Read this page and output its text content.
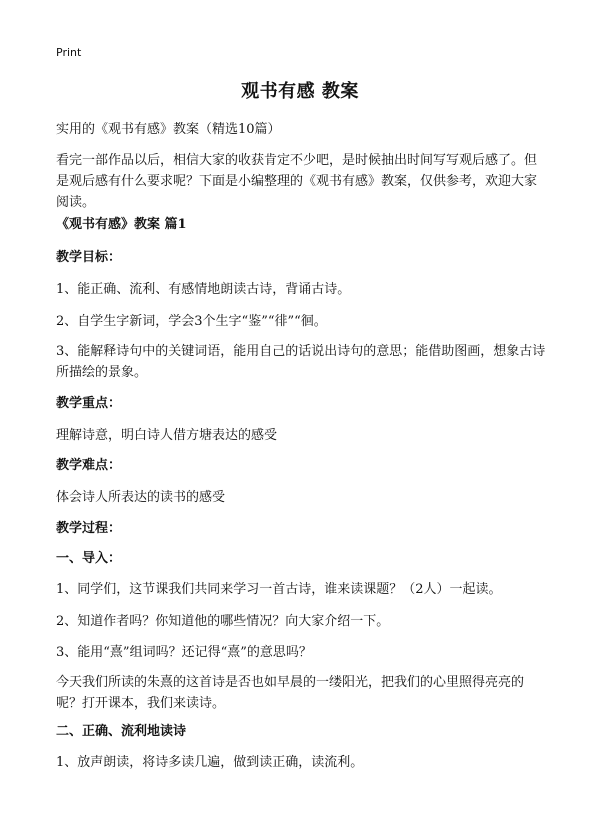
Print
观书有感 教案
实用的《观书有感》教案（精选10篇）
看完一部作品以后，相信大家的收获肯定不少吧，是时候抽出时间写写观后感了。但是观后感有什么要求呢？下面是小编整理的《观书有感》教案，仅供参考，欢迎大家阅读。
《观书有感》教案 篇1
教学目标：
1、能正确、流利、有感情地朗读古诗，背诵古诗。
2、自学生字新词，学会3个生字“鉴”“徘”“徊。
3、能解释诗句中的关键词语，能用自己的话说出诗句的意思；能借助图画，想象古诗所描绘的景象。
教学重点：
理解诗意，明白诗人借方塘表达的感受
教学难点：
体会诗人所表达的读书的感受
教学过程：
一、导入：
1、同学们，这节课我们共同来学习一首古诗，谁来读课题？（2人）一起读。
2、知道作者吗？你知道他的哪些情况？向大家介绍一下。
3、能用“熹”组词吗？还记得“熹”的意思吗？
今天我们所读的朱熹的这首诗是否也如早晨的一缕阳光，把我们的心里照得亮亮的呢？打开课本，我们来读诗。
二、正确、流利地读诗
1、放声朗读，将诗多读几遍，做到读正确，读流利。
